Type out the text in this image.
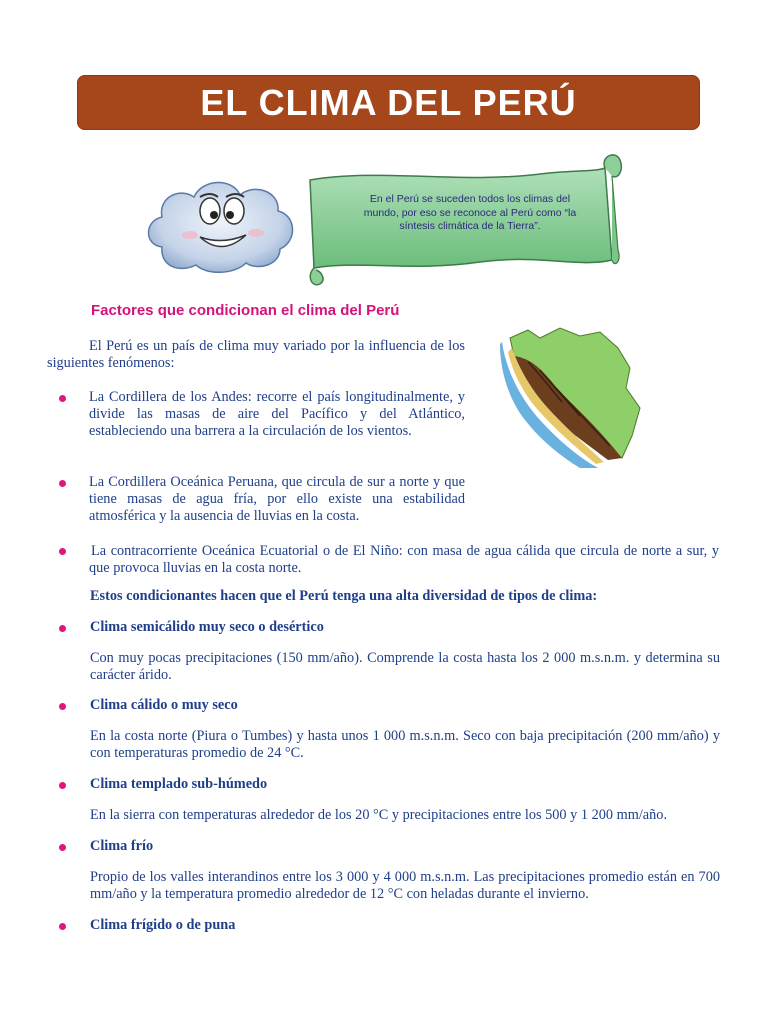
EL CLIMA DEL PERÚ
En el Perú se suceden todos los climas del mundo, por eso se reconoce al Perú como “la síntesis climática de la Tierra”.
Factores que condicionan el clima del Perú
El Perú es un país de clima muy variado por la influencia de los siguientes fenómenos:
La Cordillera de los Andes: recorre el país longitudinalmente, y divide las masas de aire del Pacífico y del Atlántico, estableciendo una barrera a la circulación de los vientos.
La Cordillera Oceánica Peruana, que circula de sur a norte y que tiene masas de agua fría, por ello existe una estabilidad atmosférica y la ausencia de lluvias en la costa.
La contracorriente Oceánica Ecuatorial o de El Niño: con masa de agua cálida que circula de norte a sur, y que provoca lluvias en la costa norte.
Estos condicionantes hacen que el Perú tenga una alta diversidad de tipos de clima:
Clima semicálido muy seco o desértico
Con muy pocas precipitaciones (150 mm/año). Comprende la costa hasta los 2 000 m.s.n.m. y determina su carácter árido.
Clima cálido o muy seco
En la costa norte (Piura o Tumbes) y hasta unos 1 000 m.s.n.m. Seco con baja precipitación (200 mm/año) y con temperaturas promedio de 24 °C.
Clima templado sub-húmedo
En la sierra con temperaturas alrededor de los 20 °C y precipitaciones entre los 500 y 1 200 mm/año.
Clima frío
Propio de los valles interandinos entre los 3 000 y 4 000 m.s.n.m. Las precipitaciones promedio están en 700 mm/año y la temperatura promedio alrededor de 12 °C con heladas durante el invierno.
Clima frígido o de puna
